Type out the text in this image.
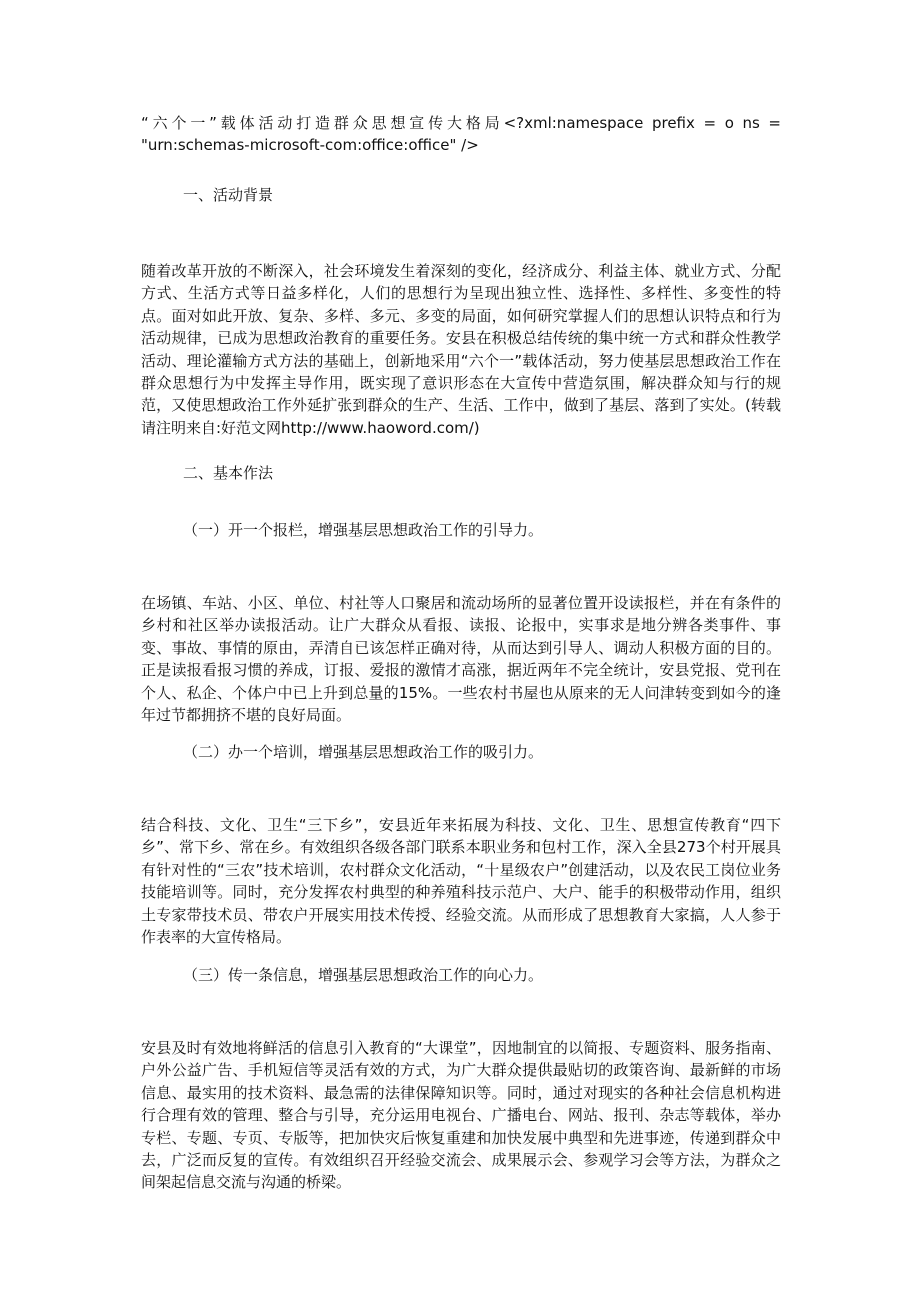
“六个一”载体活动打造群众思想宣传大格局<?xml:namespace prefix = o ns = "urn:schemas-microsoft-com:office:office" />
一、活动背景
随着改革开放的不断深入，社会环境发生着深刻的变化，经济成分、利益主体、就业方式、分配方式、生活方式等日益多样化，人们的思想行为呈现出独立性、选择性、多样性、多变性的特点。面对如此开放、复杂、多样、多元、多变的局面，如何研究掌握人们的思想认识特点和行为活动规律，已成为思想政治教育的重要任务。安县在积极总结传统的集中统一方式和群众性教学活动、理论灌输方式方法的基础上，创新地采用“六个一”载体活动，努力使基层思想政治工作在群众思想行为中发挥主导作用，既实现了意识形态在大宣传中营造氛围，解决群众知与行的规范，又使思想政治工作外延扩张到群众的生产、生活、工作中，做到了基层、落到了实处。(转载请注明来自:好范文网http://www.haoword.com/)
二、基本作法
（一）开一个报栏，增强基层思想政治工作的引导力。
在场镇、车站、小区、单位、村社等人口聚居和流动场所的显著位置开设读报栏，并在有条件的乡村和社区举办读报活动。让广大群众从看报、读报、论报中，实事求是地分辨各类事件、事变、事故、事情的原由，弄清自已该怎样正确对待，从而达到引导人、调动人积极方面的目的。正是读报看报习惯的养成，订报、爱报的激情才高涨，据近两年不完全统计，安县党报、党刊在个人、私企、个体户中已上升到总量的15%。一些农村书屋也从原来的无人问津转变到如今的逢年过节都拥挤不堪的良好局面。
（二）办一个培训，增强基层思想政治工作的吸引力。
结合科技、文化、卫生“三下乡”，安县近年来拓展为科技、文化、卫生、思想宣传教育“四下乡”、常下乡、常在乡。有效组织各级各部门联系本职业务和包村工作，深入全县273个村开展具有针对性的“三农”技术培训，农村群众文化活动，“十星级农户”创建活动，以及农民工岗位业务技能培训等。同时，充分发挥农村典型的种养殖科技示范户、大户、能手的积极带动作用，组织土专家带技术员、带农户开展实用技术传授、经验交流。从而形成了思想教育大家搞，人人参于作表率的大宣传格局。
（三）传一条信息，增强基层思想政治工作的向心力。
安县及时有效地将鲜活的信息引入教育的“大课堂”，因地制宜的以简报、专题资料、服务指南、户外公益广告、手机短信等灵活有效的方式，为广大群众提供最贴切的政策咨询、最新鲜的市场信息、最实用的技术资料、最急需的法律保障知识等。同时，通过对现实的各种社会信息机构进行合理有效的管理、整合与引导，充分运用电视台、广播电台、网站、报刊、杂志等载体，举办专栏、专题、专页、专版等，把加快灾后恢复重建和加快发展中典型和先进事迹，传递到群众中去，广泛而反复的宣传。有效组织召开经验交流会、成果展示会、参观学习会等方法，为群众之间架起信息交流与沟通的桥梁。
